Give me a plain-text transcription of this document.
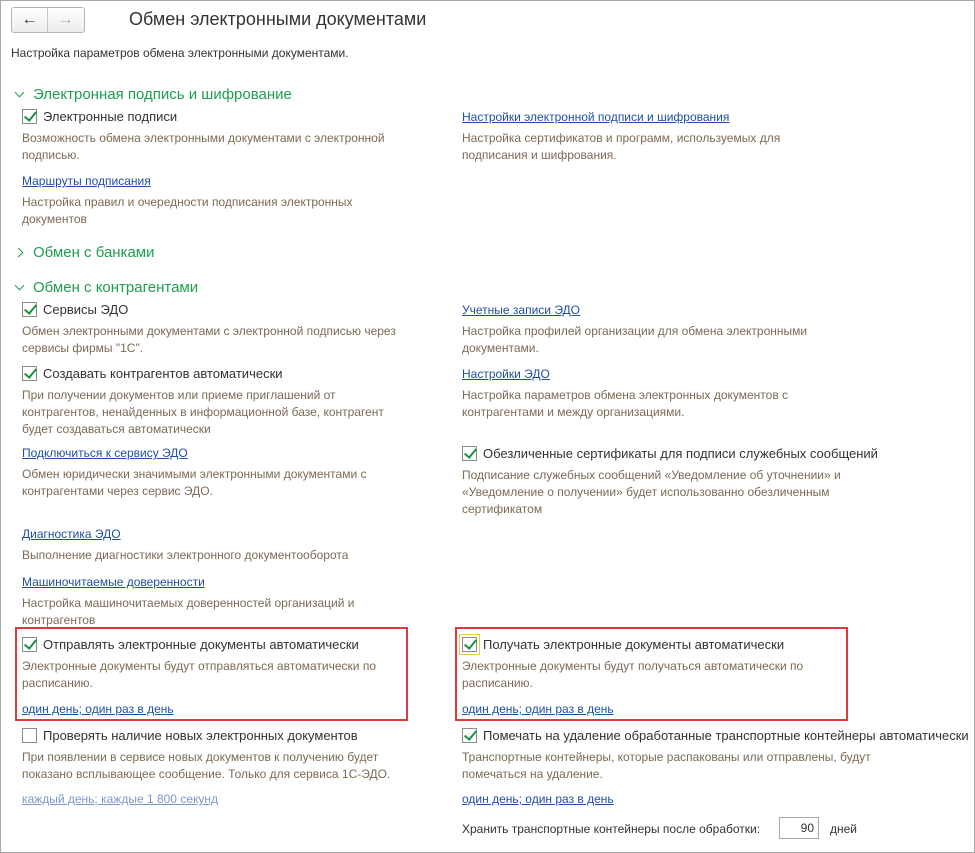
←	→	Обмен электронными документами
Настройка параметров обмена электронными документами.
Электронная подпись и шифрование
Электронные подписи
Возможность обмена электронными документами с электронной подписью.
Маршруты подписания
Настройка правил и очередности подписания электронных документов
Настройки электронной подписи и шифрования
Настройка сертификатов и программ, используемых для подписания и шифрования.
Обмен с банками
Обмен с контрагентами
Сервисы ЭДО
Обмен электронными документами с электронной подписью через сервисы фирмы "1С".
Создавать контрагентов автоматически
При получении документов или приеме приглашений от контрагентов, ненайденных в информационной базе, контрагент будет создаваться автоматически
Подключиться к сервису ЭДО
Обмен юридически значимыми электронными документами с контрагентами через сервис ЭДО.
Диагностика ЭДО
Выполнение диагностики электронного документооборота
Машиночитаемые доверенности
Настройка машиночитаемых доверенностей организаций и контрагентов
Учетные записи ЭДО
Настройка профилей организации для обмена электронными документами.
Настройки ЭДО
Настройка параметров обмена электронных документов с контрагентами и между организациями.
Обезличенные сертификаты для подписи служебных сообщений
Подписание служебных сообщений «Уведомление об уточнении» и «Уведомление о получении» будет использованно обезличенным сертификатом
Отправлять электронные документы автоматически
Электронные документы будут отправляться автоматически по расписанию.
один день; один раз в день
Получать электронные документы автоматически
Электронные документы будут получаться автоматически по расписанию.
один день; один раз в день
Проверять наличие новых электронных документов
При появлении в сервисе новых документов к получению будет показано всплывающее сообщение. Только для сервиса 1С-ЭДО.
каждый день; каждые 1 800 секунд
Помечать на удаление обработанные транспортные контейнеры автоматически
Транспортные контейнеры, которые распакованы или отправлены, будут помечаться на удаление.
один день; один раз в день
Хранить транспортные контейнеры после обработки:	90	дней
